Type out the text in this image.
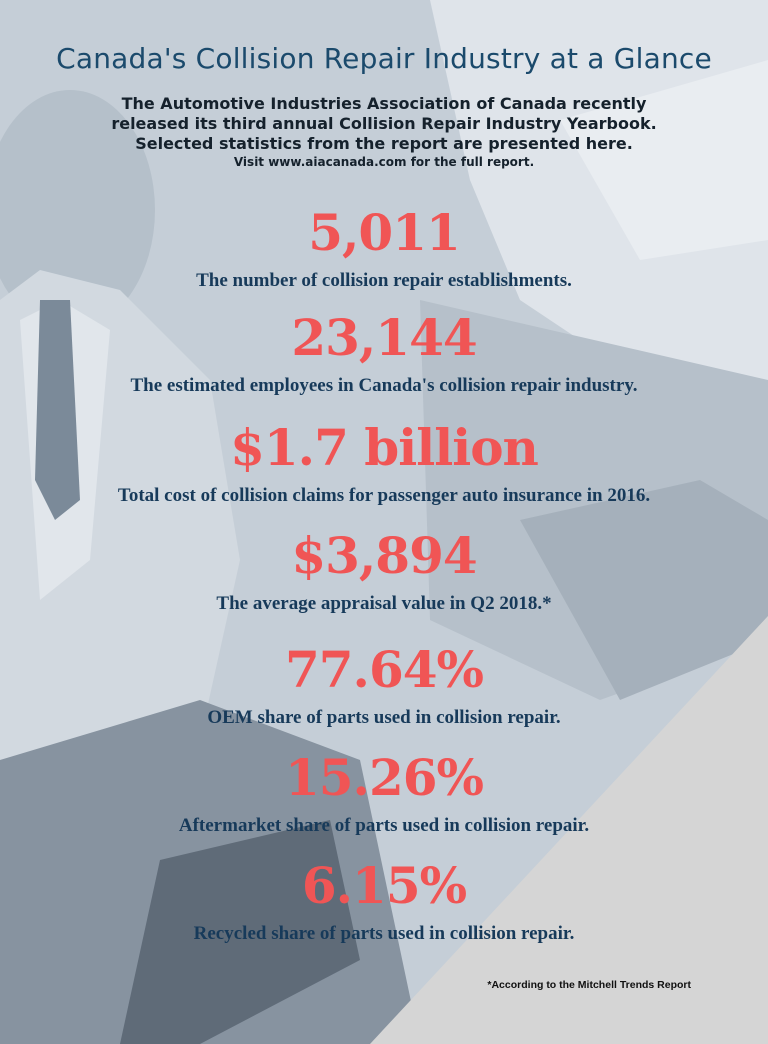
Canada's Collision Repair Industry at a Glance
The Automotive Industries Association of Canada recently
released its third annual Collision Repair Industry Yearbook.
Selected statistics from the report are presented here.
Visit www.aiacanada.com for the full report.
5,011
The number of collision repair establishments.
23,144
The estimated employees in Canada's collision repair industry.
$1.7 billion
Total cost of collision claims for passenger auto insurance in 2016.
$3,894
The average appraisal value in Q2 2018.*
77.64%
OEM share of parts used in collision repair.
15.26%
Aftermarket share of parts used in collision repair.
6.15%
Recycled share of parts used in collision repair.
*According to the Mitchell Trends Report
